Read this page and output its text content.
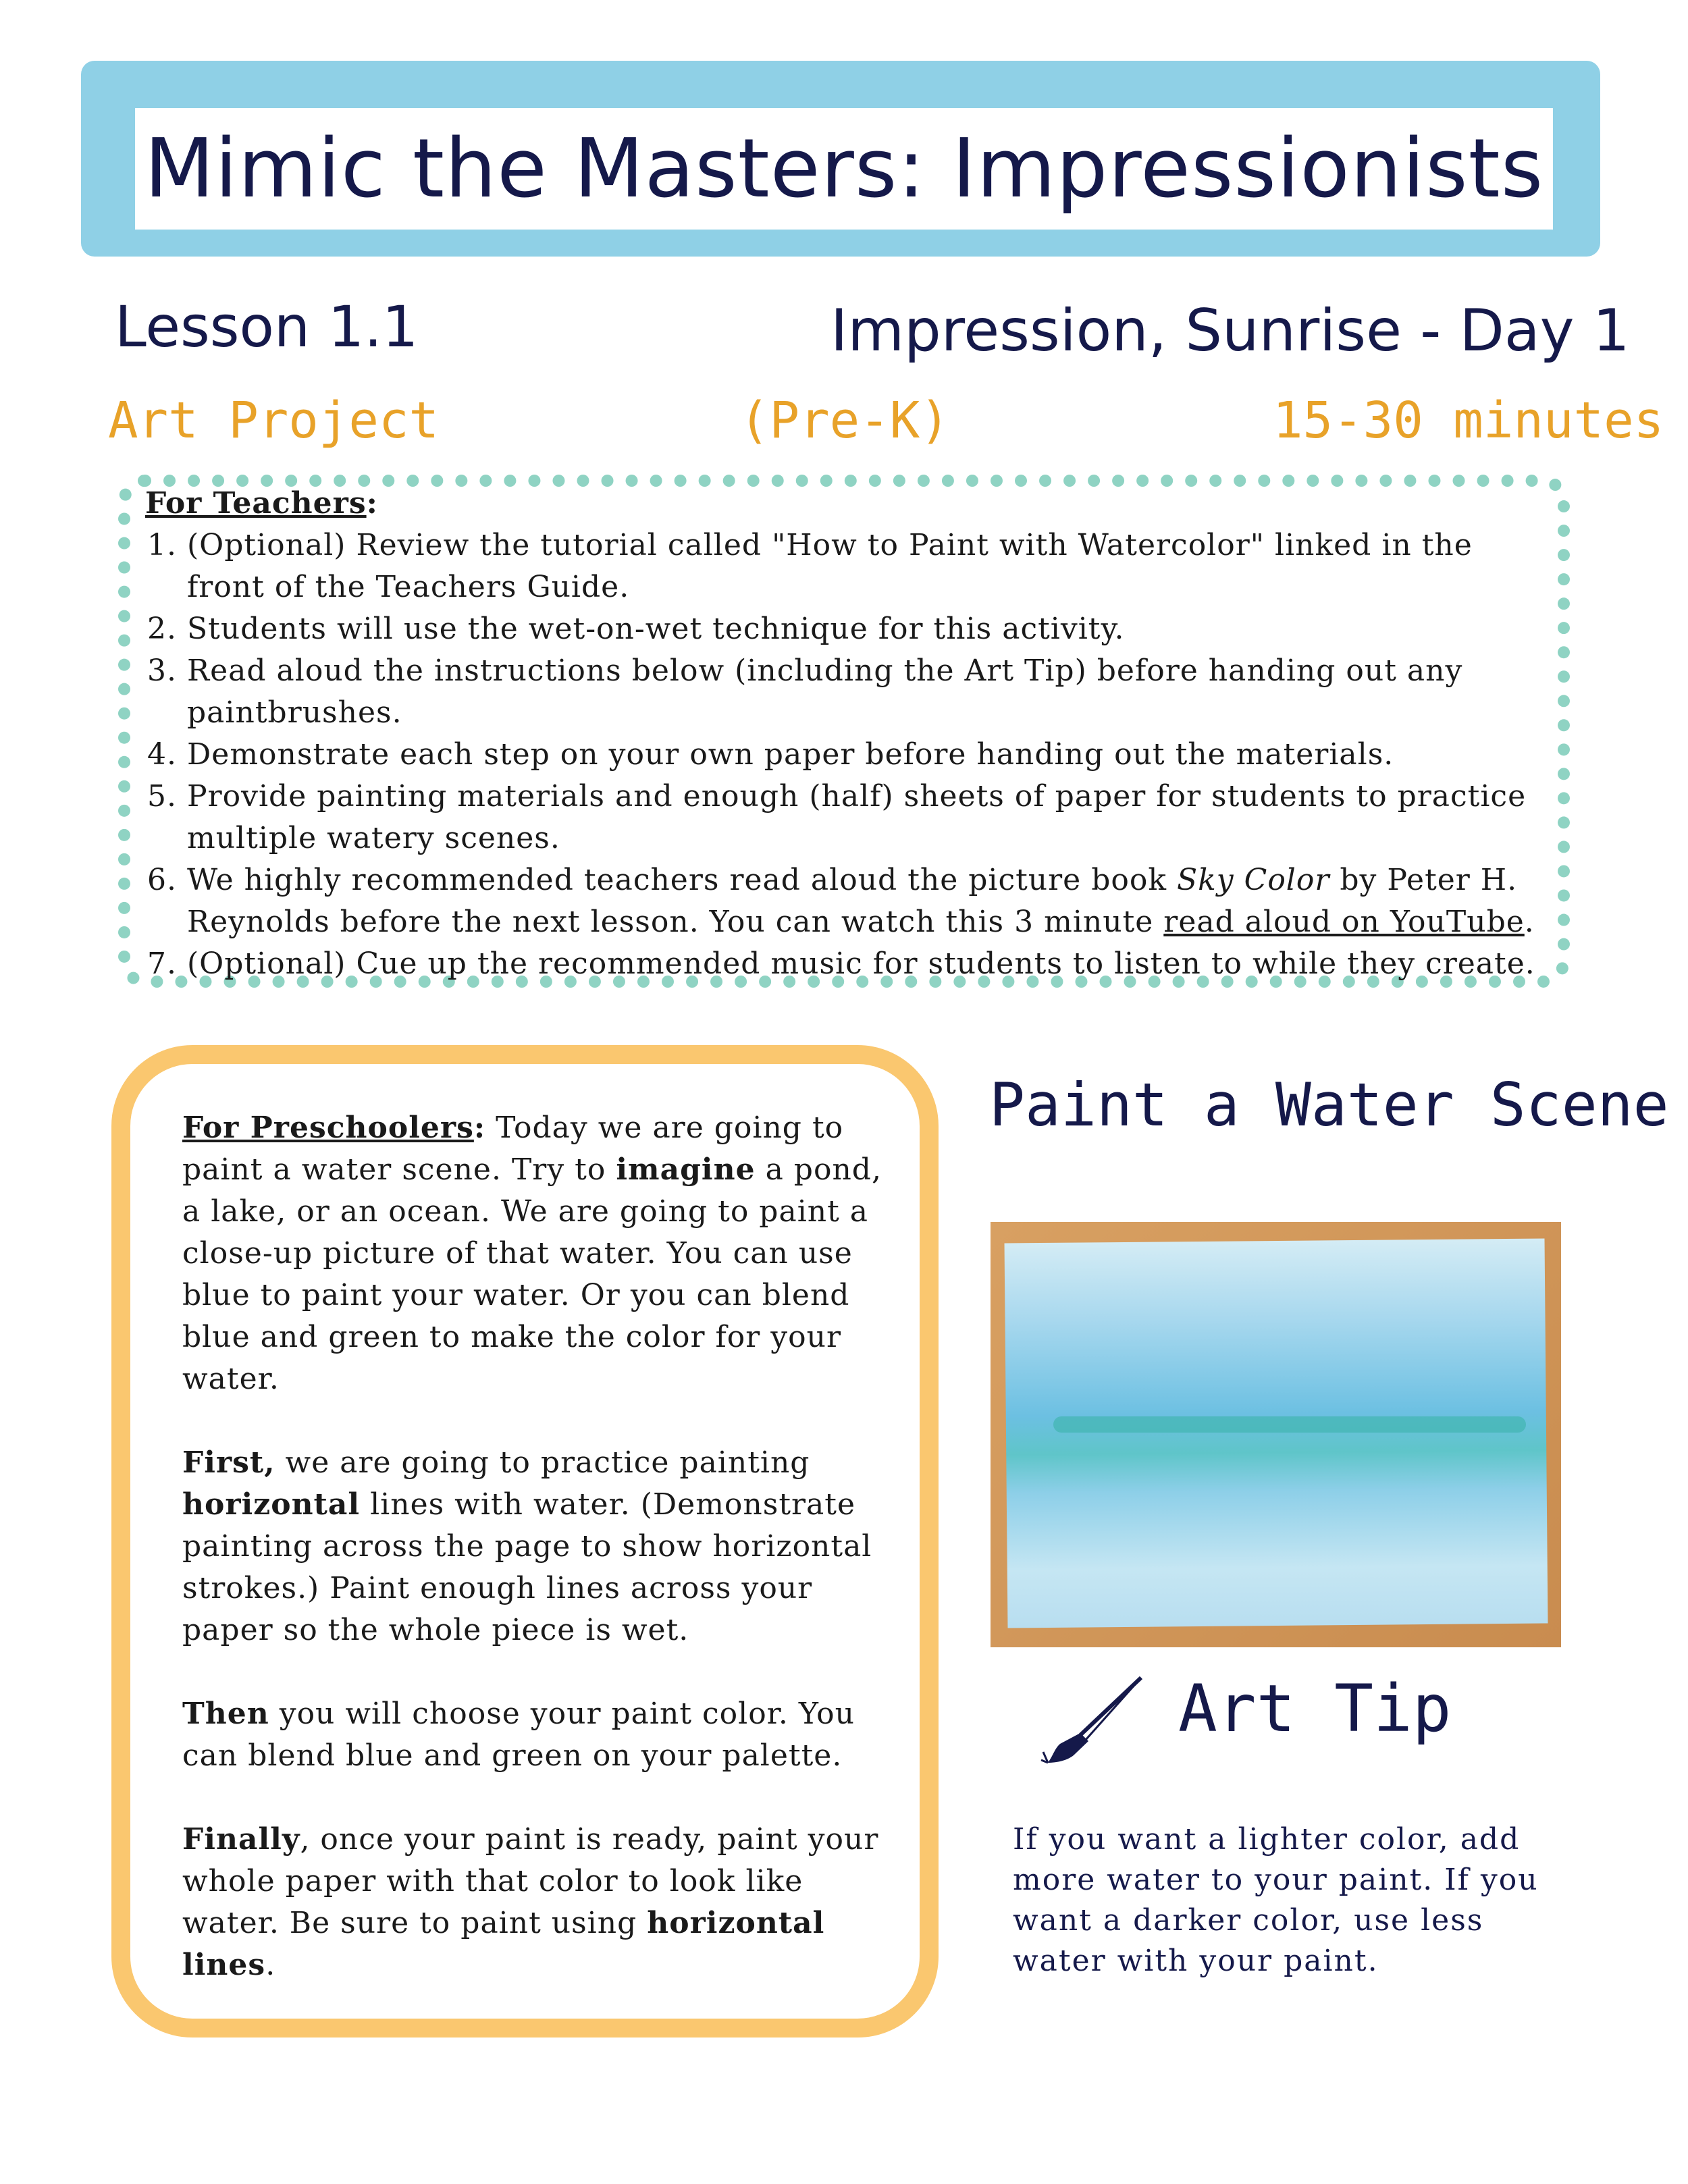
Mimic the Masters: Impressionists
Lesson 1.1	Impression, Sunrise - Day 1
Art Project	(Pre-K)	15-30 minutes
For Teachers:
1. (Optional) Review the tutorial called "How to Paint with Watercolor" linked in the front of the Teachers Guide.
2. Students will use the wet-on-wet technique for this activity.
3. Read aloud the instructions below (including the Art Tip) before handing out any paintbrushes.
4. Demonstrate each step on your own paper before handing out the materials.
5. Provide painting materials and enough (half) sheets of paper for students to practice multiple watery scenes.
6. We highly recommended teachers read aloud the picture book Sky Color by Peter H. Reynolds before the next lesson. You can watch this 3 minute read aloud on YouTube.
7. (Optional) Cue up the recommended music for students to listen to while they create.

For Preschoolers: Today we are going to paint a water scene. Try to imagine a pond, a lake, or an ocean. We are going to paint a close-up picture of that water. You can use blue to paint your water. Or you can blend blue and green to make the color for your water.

First, we are going to practice painting horizontal lines with water. (Demonstrate painting across the page to show horizontal strokes.) Paint enough lines across your paper so the whole piece is wet.

Then you will choose your paint color. You can blend blue and green on your palette.

Finally, once your paint is ready, paint your whole paper with that color to look like water. Be sure to paint using horizontal lines.

Paint a Water Scene
Art Tip
If you want a lighter color, add more water to your paint. If you want a darker color, use less water with your paint.
